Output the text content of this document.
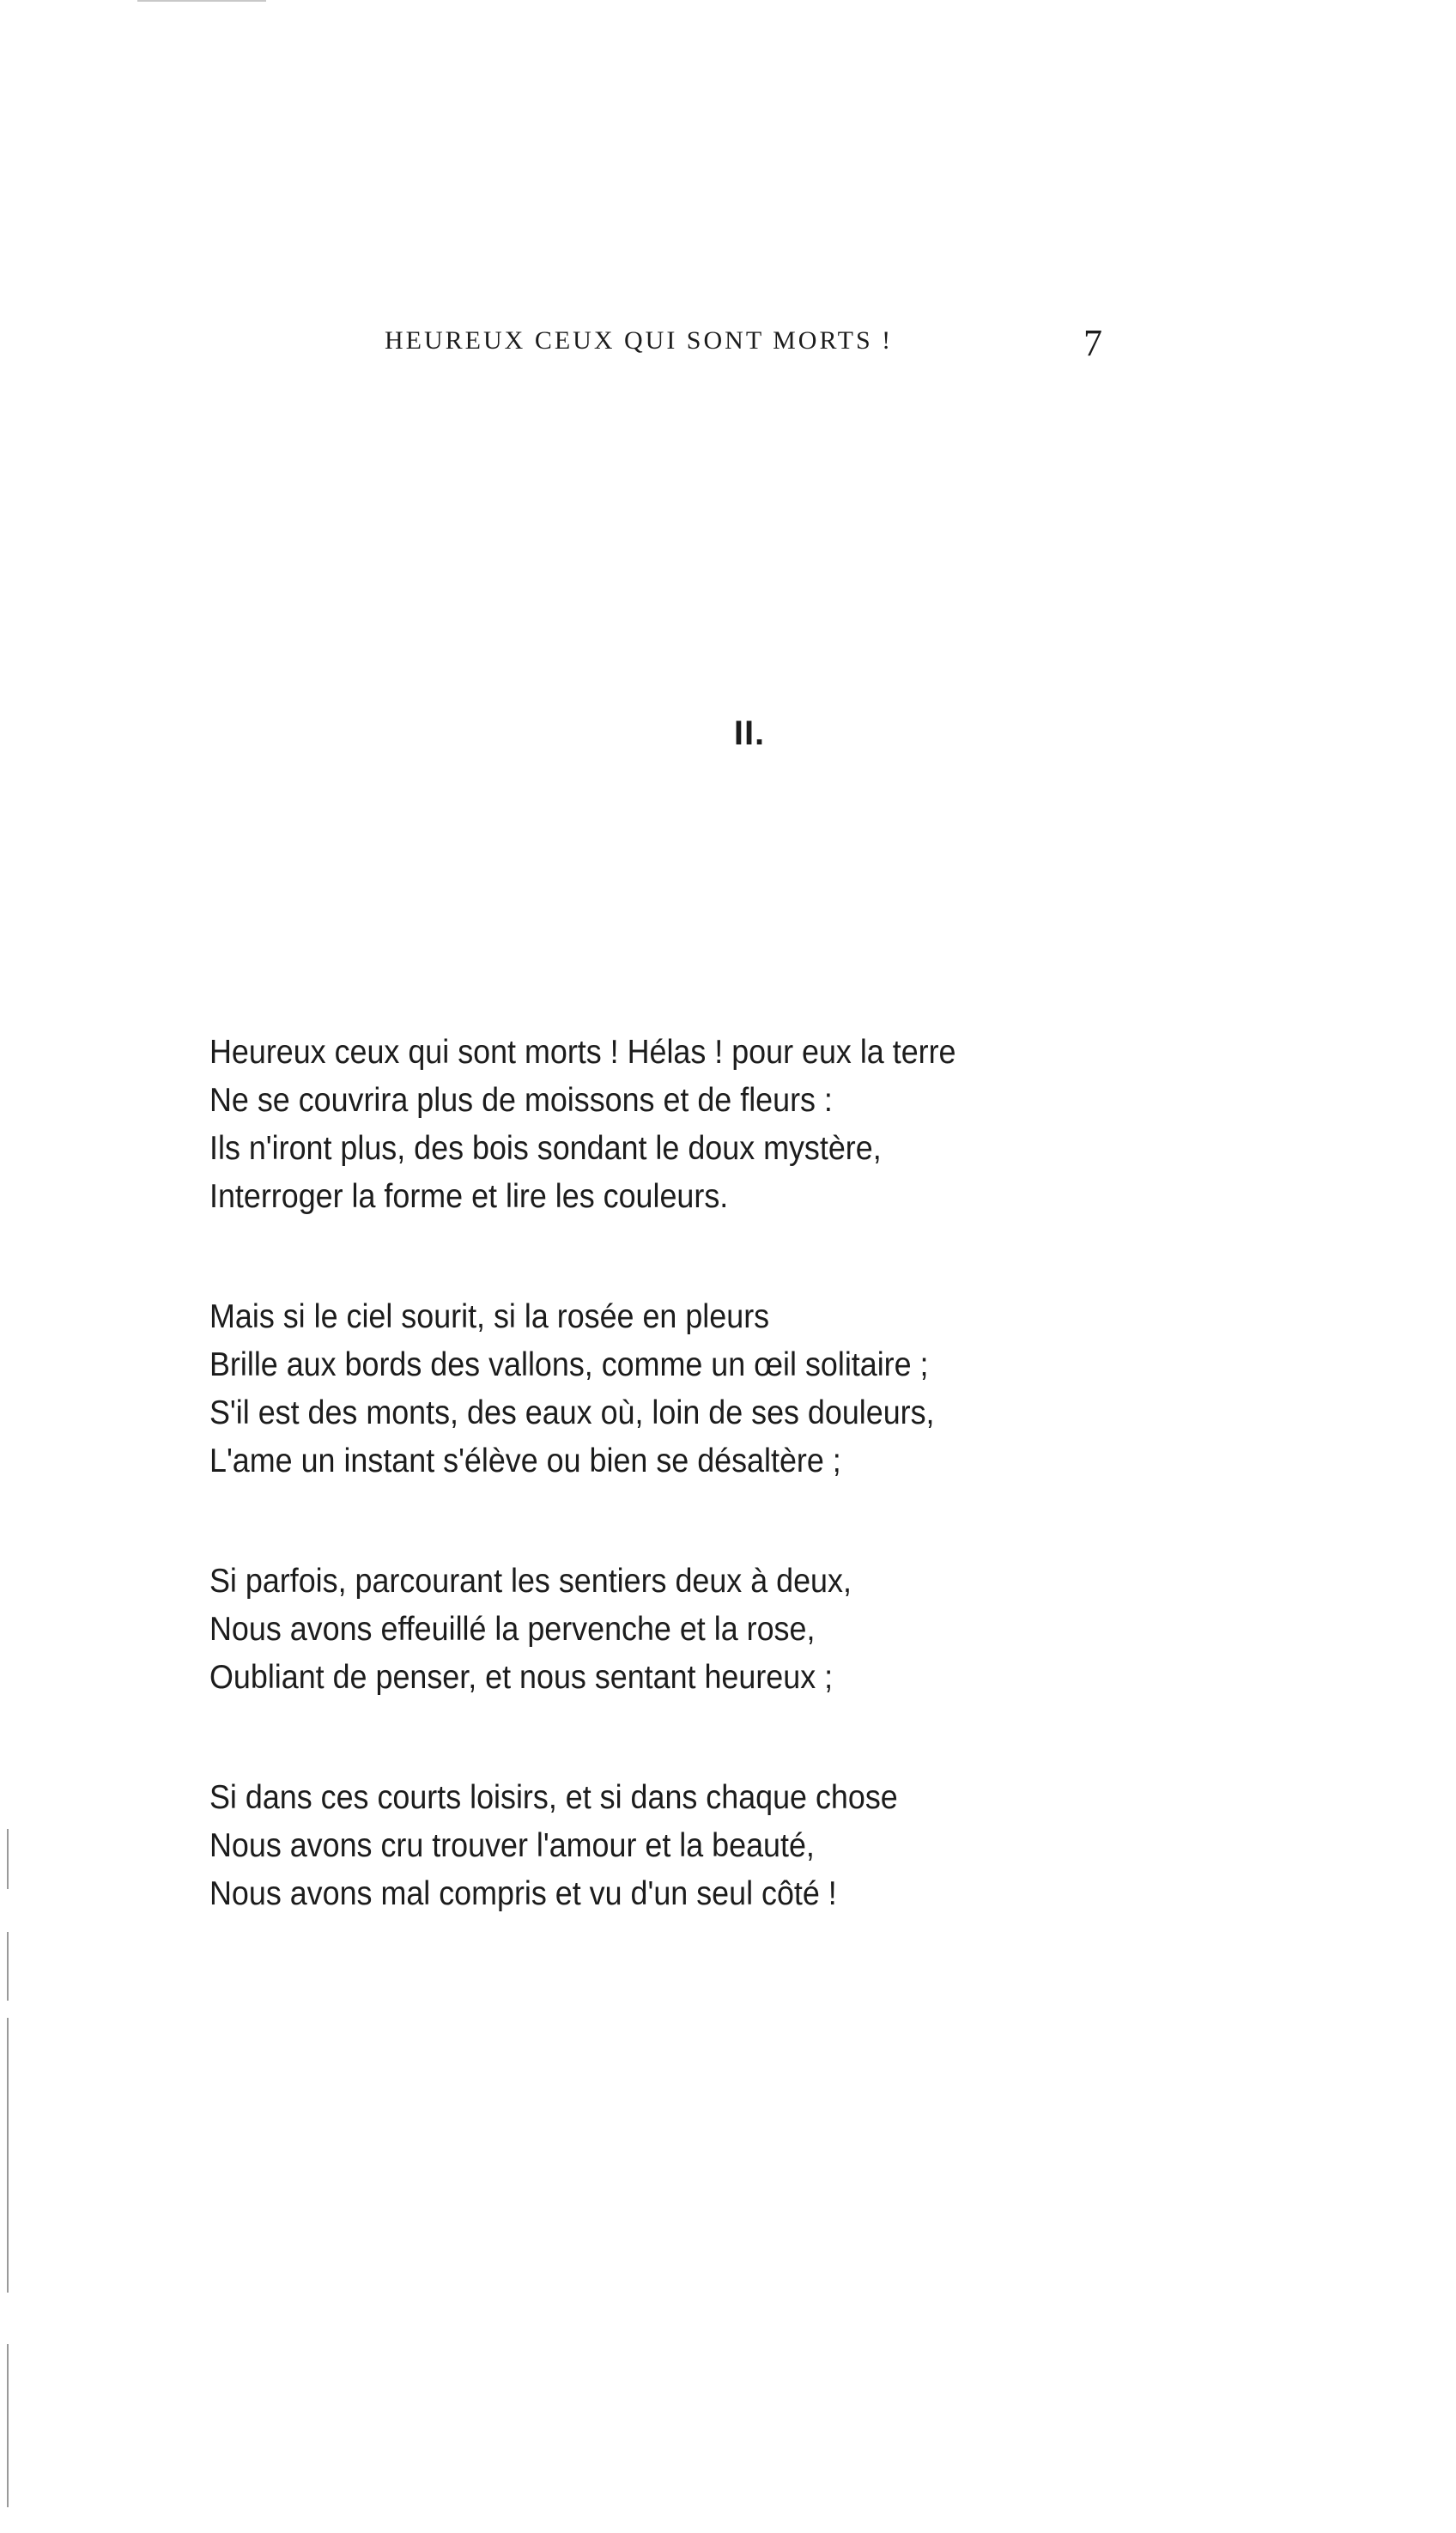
HEUREUX CEUX QUI SONT MORTS !	7
II.
Heureux ceux qui sont morts ! Hélas ! pour eux la terre
Ne se couvrira plus de moissons et de fleurs :
Ils n'iront plus, des bois sondant le doux mystère,
Interroger la forme et lire les couleurs.
Mais si le ciel sourit, si la rosée en pleurs
Brille aux bords des vallons, comme un œil solitaire ;
S'il est des monts, des eaux où, loin de ses douleurs,
L'ame un instant s'élève ou bien se désaltère ;
Si parfois, parcourant les sentiers deux à deux,
Nous avons effeuillé la pervenche et la rose,
Oubliant de penser, et nous sentant heureux ;
Si dans ces courts loisirs, et si dans chaque chose
Nous avons cru trouver l'amour et la beauté,
Nous avons mal compris et vu d'un seul côté !
